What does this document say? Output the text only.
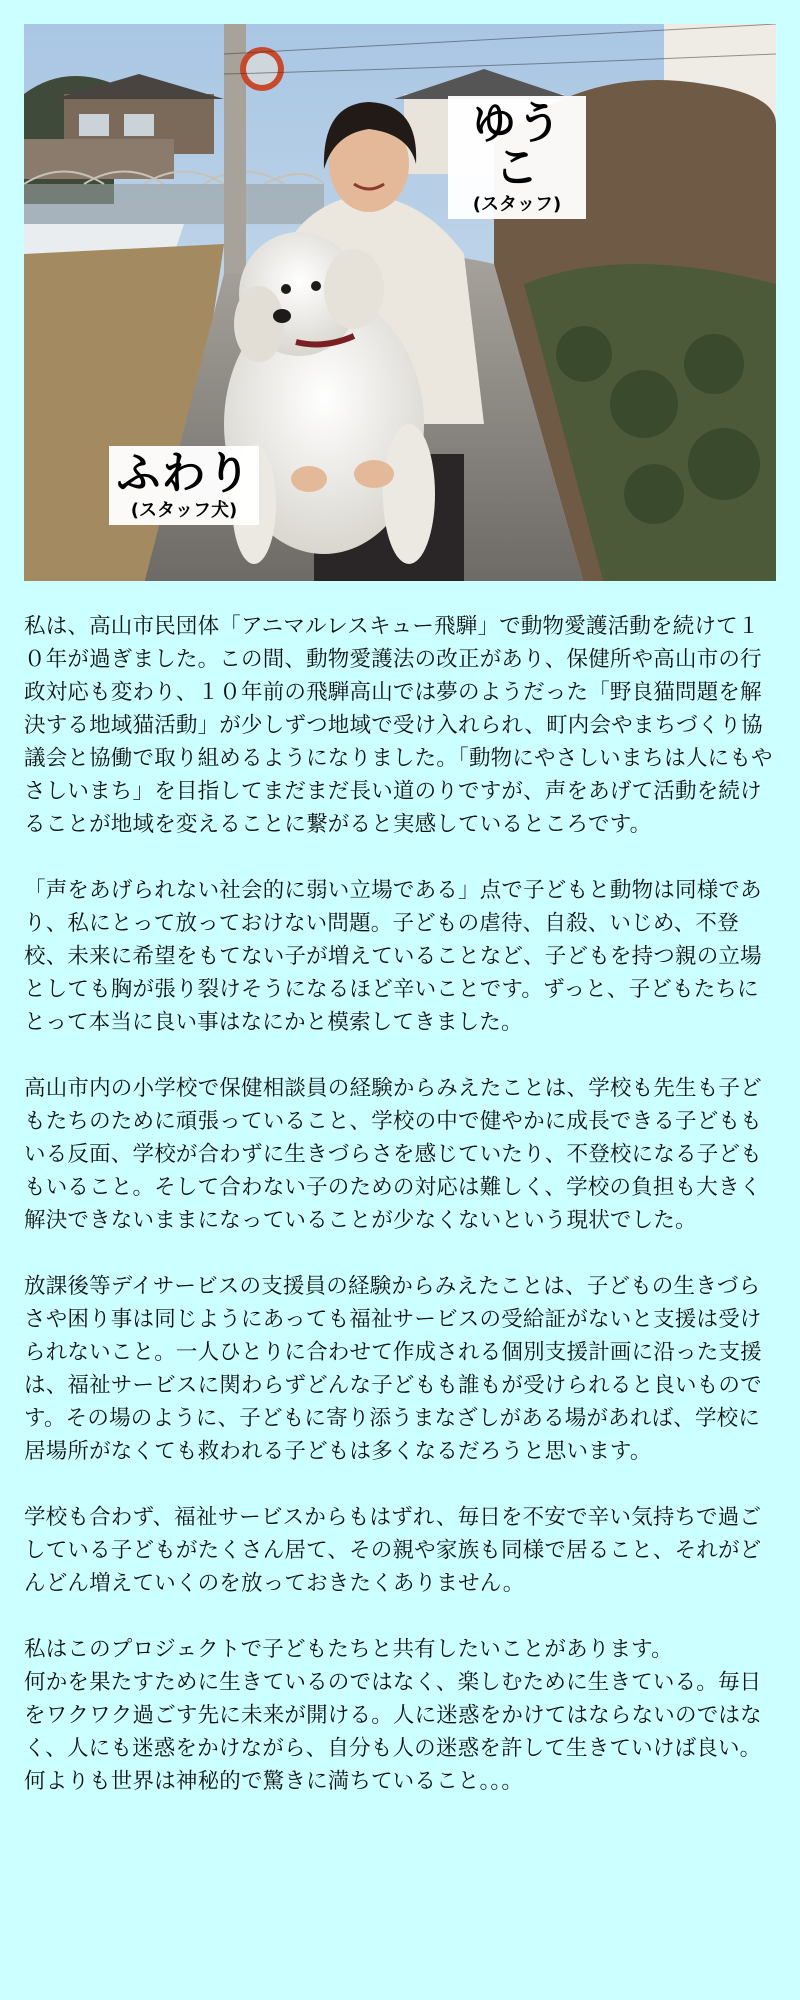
ゆうこ
(スタッフ)
ふわり
(スタッフ犬)

私は、高山市民団体「アニマルレスキュー飛騨」で動物愛護活動を続けて１０年が過ぎました。この間、動物愛護法の改正があり、保健所や高山市の行政対応も変わり、１０年前の飛騨高山では夢のようだった「野良猫問題を解決する地域猫活動」が少しずつ地域で受け入れられ、町内会やまちづくり協議会と協働で取り組めるようになりました。「動物にやさしいまちは人にもやさしいまち」を目指してまだまだ長い道のりですが、声をあげて活動を続けることが地域を変えることに繋がると実感しているところです。

「声をあげられない社会的に弱い立場である」点で子どもと動物は同様であり、私にとって放っておけない問題。子どもの虐待、自殺、いじめ、不登校、未来に希望をもてない子が増えていることなど、子どもを持つ親の立場としても胸が張り裂けそうになるほど辛いことです。ずっと、子どもたちにとって本当に良い事はなにかと模索してきました。

高山市内の小学校で保健相談員の経験からみえたことは、学校も先生も子どもたちのために頑張っていること、学校の中で健やかに成長できる子どももいる反面、学校が合わずに生きづらさを感じていたり、不登校になる子どももいること。そして合わない子のための対応は難しく、学校の負担も大きく解決できないままになっていることが少なくないという現状でした。

放課後等デイサービスの支援員の経験からみえたことは、子どもの生きづらさや困り事は同じようにあっても福祉サービスの受給証がないと支援は受けられないこと。一人ひとりに合わせて作成される個別支援計画に沿った支援は、福祉サービスに関わらずどんな子どもも誰もが受けられると良いものです。その場のように、子どもに寄り添うまなざしがある場があれば、学校に居場所がなくても救われる子どもは多くなるだろうと思います。

学校も合わず、福祉サービスからもはずれ、毎日を不安で辛い気持ちで過ごしている子どもがたくさん居て、その親や家族も同様で居ること、それがどんどん増えていくのを放っておきたくありません。

私はこのプロジェクトで子どもたちと共有したいことがあります。
何かを果たすために生きているのではなく、楽しむために生きている。毎日をワクワク過ごす先に未来が開ける。人に迷惑をかけてはならないのではなく、人にも迷惑をかけながら、自分も人の迷惑を許して生きていけば良い。何よりも世界は神秘的で驚きに満ちていること。。。
